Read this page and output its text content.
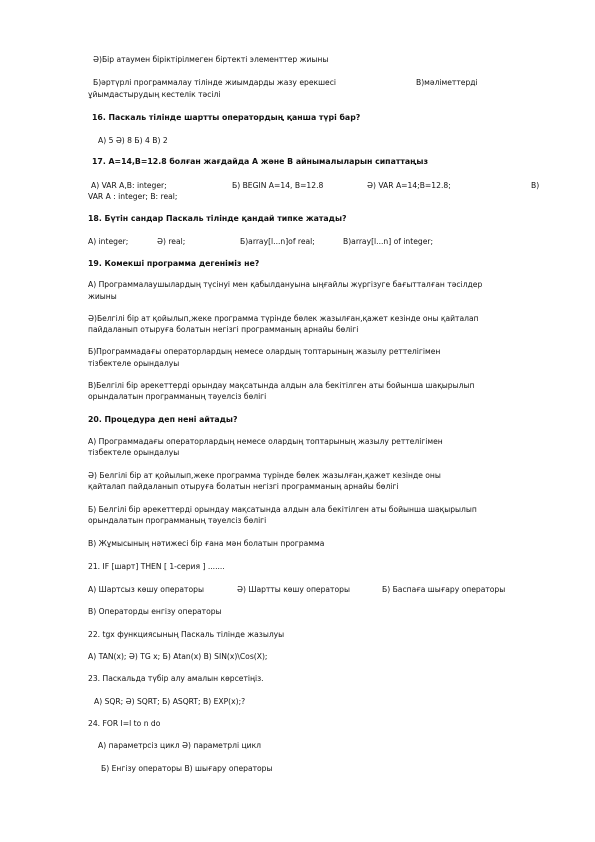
Ә)Бір атаумен біріктірілмеген біртекті элементтер жиыны
Б)әртүрлі программалау тілінде жиымдарды жазу ерекшесі	В)мәліметтерді
ұйымдастырудың кестелік тәсілі
16. Паскаль тілінде шартты оператордың қанша түрі бар?
А) 5 Ә) 8 Б) 4 В) 2
17. A=14,B=12.8 болған жағдайда A және B айнымалыларын сипаттаңыз
A) VAR A,B: integer;	Б) BEGIN A=14, B=12.8	Ә) VAR A=14;B=12.8;	В)
VAR A : integer; B: real;
18. Бүтін сандар Паскаль тілінде қандай типке жатады?
A) integer;	Ә) real;	Б)array[l...n]of real;	В)array[l...n] of integer;
19. Комекші программа дегеніміз не?
А) Программалаушылардың түсінуі мен қабылдануына ыңғайлы жүргізуге бағытталған тәсілдер
жиыны
Ә)Белгілі бір ат қойылып,жеке программа түрінде бөлек жазылған,қажет кезінде оны қайталап
пайдаланып отыруға болатын негізгі программаның арнайы бөлігі
Б)Программадағы операторлардың немесе олардың топтарының жазылу реттелігімен
тізбектеле орындалуы
В)Белгілі бір әрекеттерді орындау мақсатында алдын ала бекітілген аты бойынша шақырылып
орындалатын программаның тәуелсіз бөлігі
20. Процедура деп нені айтады?
А) Программадағы операторлардың немесе олардың топтарының жазылу реттелігімен
тізбектеле орындалуы
Ә) Белгілі бір ат қойылып,жеке программа түрінде бөлек жазылған,қажет кезінде оны
қайталап пайдаланып отыруға болатын негізгі программаның арнайы бөлігі
Б) Белгілі бір әрекеттерді орындау мақсатында алдын ала бекітілген аты бойынша шақырылып
орындалатын программаның тәуелсіз бөлігі
В) Жұмысының нәтижесі бір ғана мән болатын программа
21. IF [шарт] THEN [ 1-серия ] .......
А) Шартсыз көшу операторы	Ә) Шартты көшу операторы	Б) Баспаға шығару операторы
В) Операторды енгізу операторы
22. tgx функциясының Паскаль тілінде жазылуы
А) TAN(x); Ә) TG x; Б) Atan(x) В) SIN(x)\Cos(X);
23. Паскальда түбір алу амалын көрсетіңіз.
А) SQR; Ә) SQRT; Б) ASQRT; В) EXP(x);?
24. FOR I=l to n do
А) параметрсіз цикл Ә) параметрлі цикл
Б) Енгізу операторы В) шығару операторы
